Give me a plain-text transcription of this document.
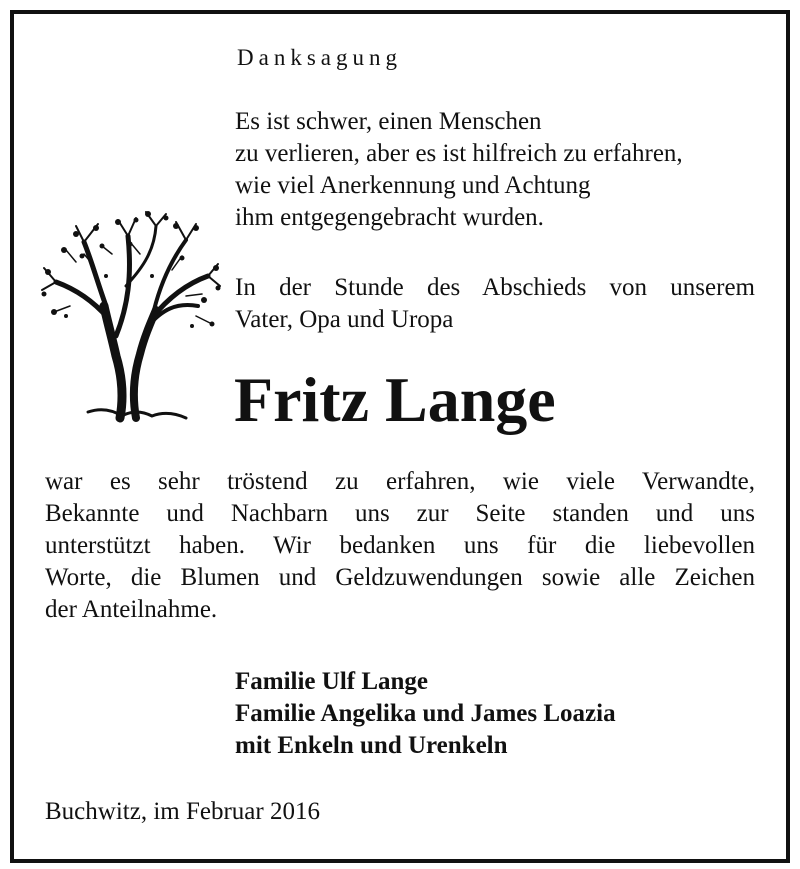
Danksagung
Es ist schwer, einen Menschen
zu verlieren, aber es ist hilfreich zu erfahren,
wie viel Anerkennung und Achtung
ihm entgegengebracht wurden.
In der Stunde des Abschieds von unserem
Vater, Opa und Uropa
Fritz Lange
war es sehr tröstend zu erfahren, wie viele Verwandte,
Bekannte und Nachbarn uns zur Seite standen und uns
unterstützt haben. Wir bedanken uns für die liebevollen
Worte, die Blumen und Geldzuwendungen sowie alle Zeichen
der Anteilnahme.
Familie Ulf Lange
Familie Angelika und James Loazia
mit Enkeln und Urenkeln
Buchwitz, im Februar 2016
